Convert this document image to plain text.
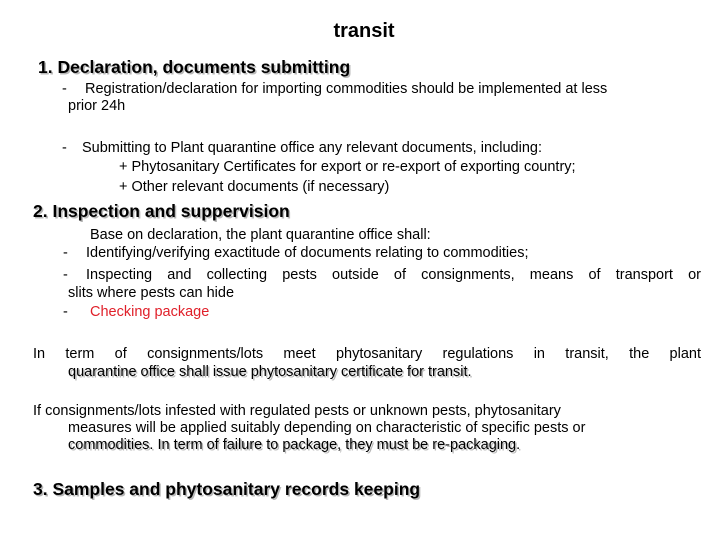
transit
1. Declaration, documents submitting
- Registration/declaration for importing commodities should be implemented at less
prior 24h
- Submitting to Plant quarantine office any relevant documents, including:
+ Phytosanitary Certificates for export or re-export of exporting country;
+ Other relevant documents (if necessary)
2. Inspection and suppervision
Base on declaration, the plant quarantine office shall:
- Identifying/verifying exactitude of documents relating to commodities;
- Inspecting and collecting pests outside of consignments, means of transport or
slits where pests can hide
- Checking package
In term of consignments/lots meet phytosanitary regulations in transit, the plant
quarantine office shall issue phytosanitary certificate for transit.
If consignments/lots infested with regulated pests or unknown pests, phytosanitary
measures will be applied suitably depending on characteristic of specific pests or
commodities. In term of failure to package, they must be re-packaging.
3. Samples and phytosanitary records keeping
